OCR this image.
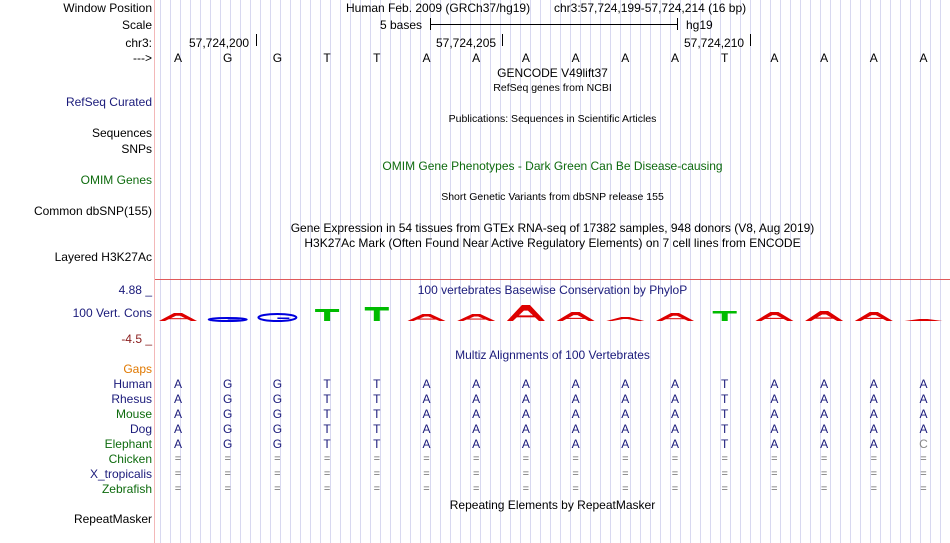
Window Position
Scale
chr3:
--->
Human Feb. 2009 (GRCh37/hg19) chr3:57,724,199-57,724,214 (16 bp)
5 bases	hg19
57,724,200	57,724,205	57,724,210
A	G	G	T	T	A	A	A	A	A	A	T	A	A	A	A
GENCODE V49lift37
RefSeq genes from NCBI
RefSeq Curated
Publications: Sequences in Scientific Articles
Sequences
SNPs
OMIM Gene Phenotypes - Dark Green Can Be Disease-causing
OMIM Genes
Short Genetic Variants from dbSNP release 155
Common dbSNP(155)
Gene Expression in 54 tissues from GTEx RNA-seq of 17382 samples, 948 donors (V8, Aug 2019)
H3K27Ac Mark (Often Found Near Active Regulatory Elements) on 7 cell lines from ENCODE
Layered H3K27Ac
4.88 _	100 vertebrates Basewise Conservation by PhyloP
100 Vert. Cons
-4.5 _
Multiz Alignments of 100 Vertebrates
Gaps
Human	A	G	G	T	T	A	A	A	A	A	A	T	A	A	A	A
Rhesus	A	G	G	T	T	A	A	A	A	A	A	T	A	A	A	A
Mouse	A	G	G	T	T	A	A	A	A	A	A	T	A	A	A	A
Dog	A	G	G	T	T	A	A	A	A	A	A	T	A	A	A	A
Elephant	A	G	G	T	T	A	A	A	A	A	A	T	A	A	A	C
Chicken	=	=	=	=	=	=	=	=	=	=	=	=	=	=	=	=
X_tropicalis	=	=	=	=	=	=	=	=	=	=	=	=	=	=	=	=
Zebrafish	=	=	=	=	=	=	=	=	=	=	=	=	=	=	=	=
Repeating Elements by RepeatMasker
RepeatMasker
